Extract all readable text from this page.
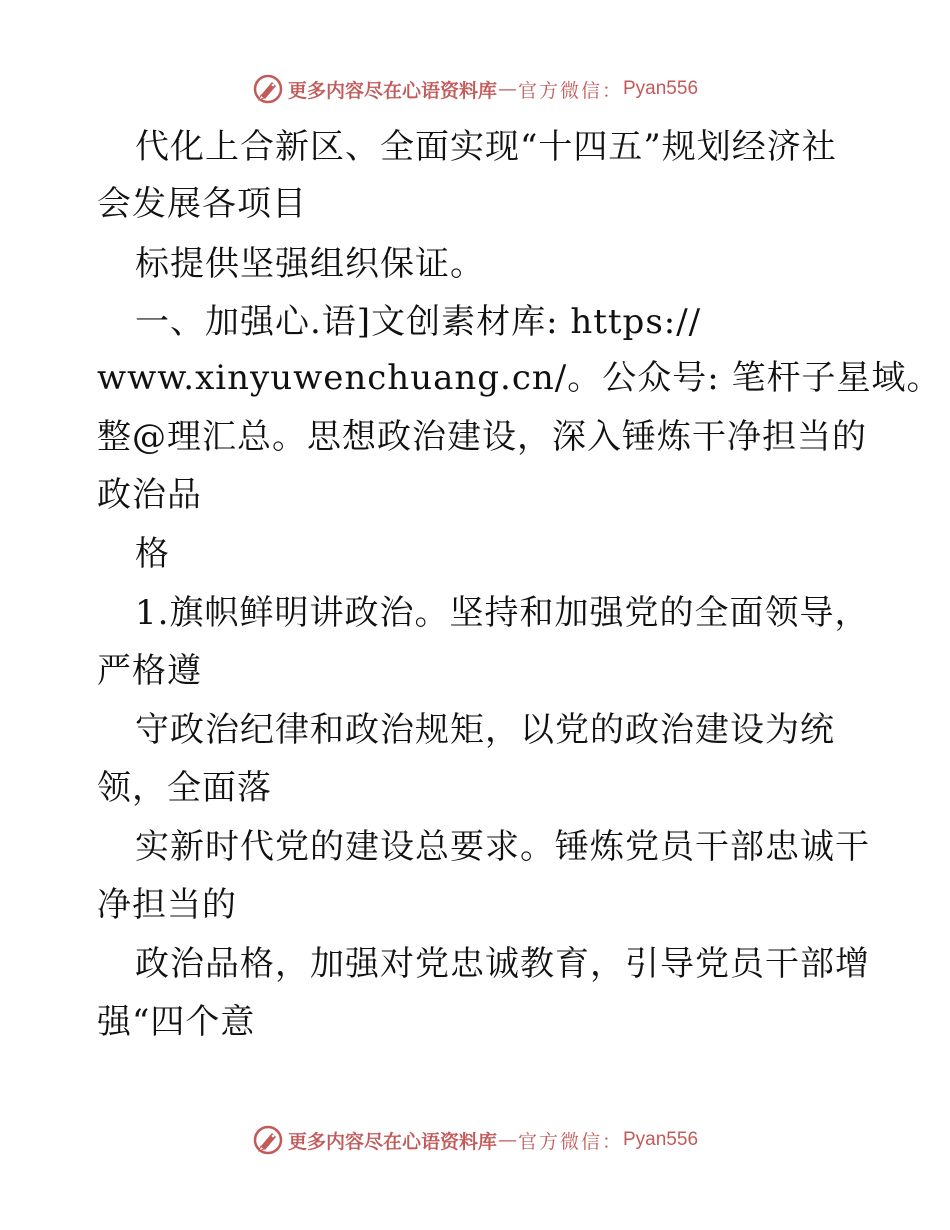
更多内容尽在心语资料库 — 官方微信： Pyan556
代化上合新区、全面实现“十四五”规划经济社
会发展各项目
标提供坚强组织保证。
一、加强心.语]文创素材库: https://
www.xinyuwenchuang.cn/。公众号: 笔杆子星域。
整@理汇总。思想政治建设，深入锤炼干净担当的
政治品
格
1.旗帜鲜明讲政治。坚持和加强党的全面领导，
严格遵
守政治纪律和政治规矩，以党的政治建设为统
领，全面落
实新时代党的建设总要求。锤炼党员干部忠诚干
净担当的
政治品格，加强对党忠诚教育，引导党员干部增
强“四个意
更多内容尽在心语资料库 — 官方微信： Pyan556
